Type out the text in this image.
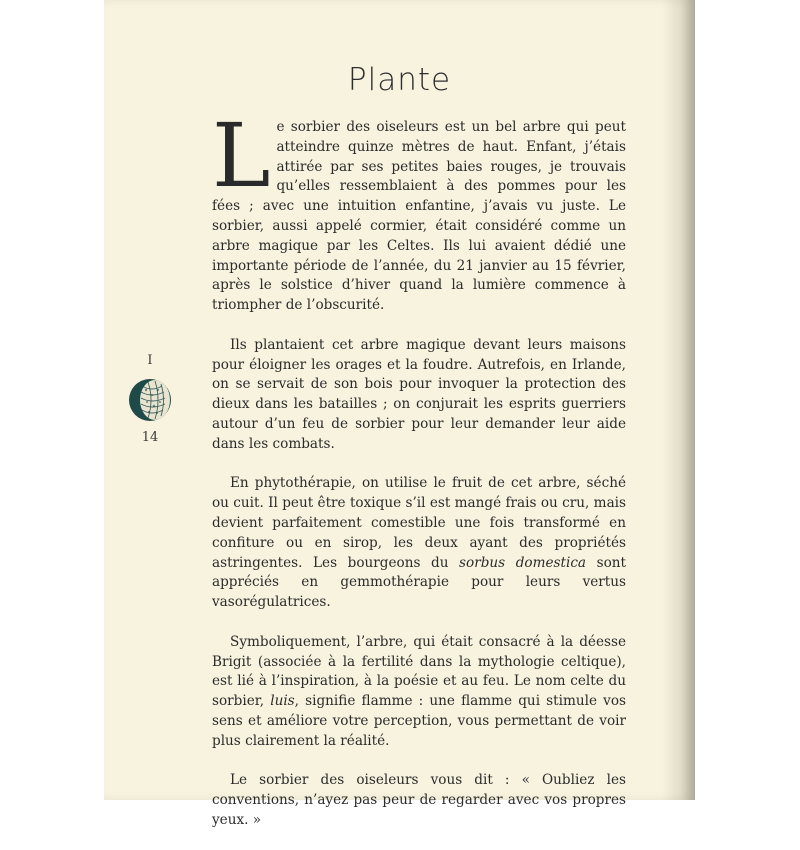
Plante
I
14

Le sorbier des oiseleurs est un bel arbre qui peut atteindre quinze mètres de haut. Enfant, j’étais attirée par ses petites baies rouges, je trouvais qu’elles ressemblaient à des pommes pour les fées ; avec une intuition enfantine, j’avais vu juste. Le sorbier, aussi appelé cormier, était considéré comme un arbre magique par les Celtes. Ils lui avaient dédié une importante période de l’année, du 21 janvier au 15 février, après le solstice d’hiver quand la lumière commence à triompher de l’obscurité.

Ils plantaient cet arbre magique devant leurs maisons pour éloigner les orages et la foudre. Autrefois, en Irlande, on se servait de son bois pour invoquer la protection des dieux dans les batailles ; on conjurait les esprits guerriers autour d’un feu de sorbier pour leur demander leur aide dans les combats.

En phytothérapie, on utilise le fruit de cet arbre, séché ou cuit. Il peut être toxique s’il est mangé frais ou cru, mais devient parfaitement comestible une fois transformé en confiture ou en sirop, les deux ayant des propriétés astringentes. Les bourgeons du sorbus domestica sont appréciés en gemmothérapie pour leurs vertus vasorégulatrices.

Symboliquement, l’arbre, qui était consacré à la déesse Brigit (associée à la fertilité dans la mythologie celtique), est lié à l’inspiration, à la poésie et au feu. Le nom celte du sorbier, luis, signifie flamme : une flamme qui stimule vos sens et améliore votre perception, vous permettant de voir plus clairement la réalité.

Le sorbier des oiseleurs vous dit : « Oubliez les conventions, n’ayez pas peur de regarder avec vos propres yeux. »
